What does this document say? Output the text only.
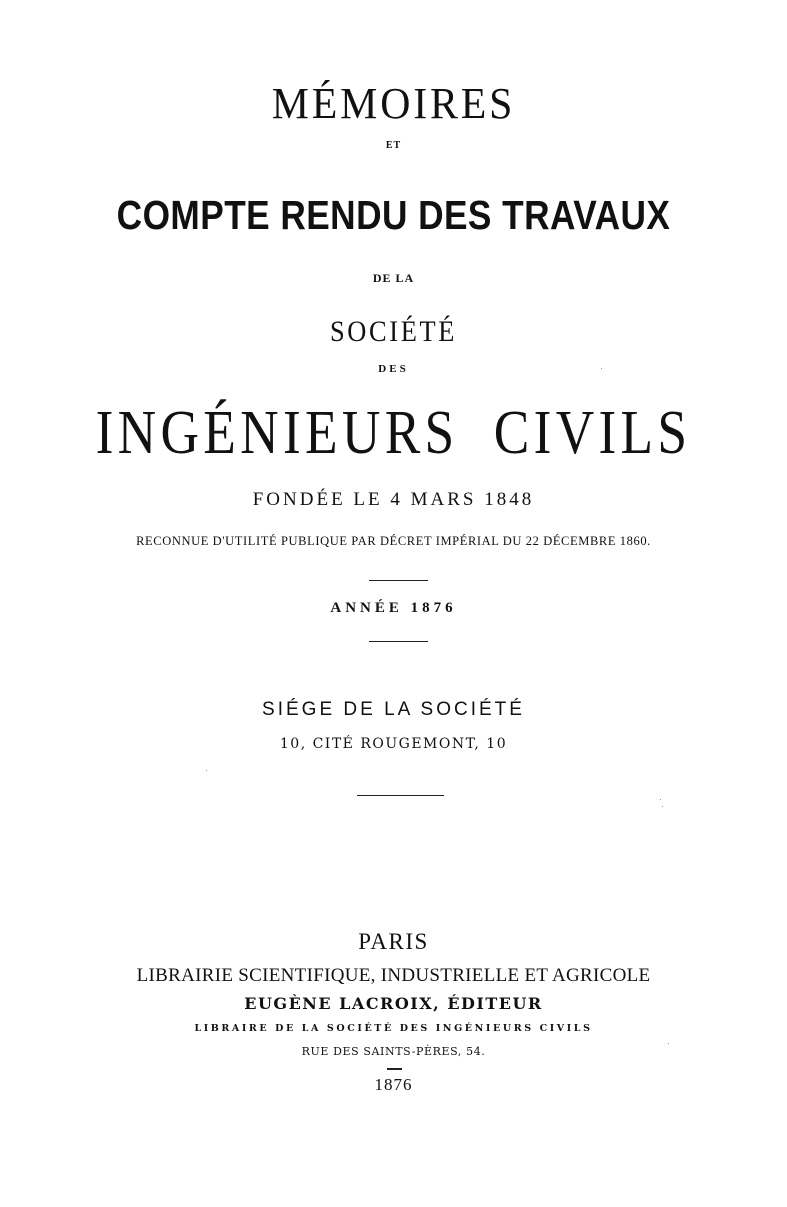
MÉMOIRES
ET
COMPTE RENDU DES TRAVAUX
DE LA
SOCIÉTÉ
DES
INGÉNIEURS  CIVILS
FONDÉE LE 4 MARS 1848
RECONNUE D'UTILITÉ PUBLIQUE PAR DÉCRET IMPÉRIAL DU 22 DÉCEMBRE 1860.
ANNÉE 1876
SIÉGE DE LA SOCIÉTÉ
10, CITÉ ROUGEMONT, 10
PARIS
LIBRAIRIE SCIENTIFIQUE, INDUSTRIELLE ET AGRICOLE
EUGÈNE LACROIX, ÉDITEUR
LIBRAIRE DE LA SOCIÉTÉ DES INGÉNIEURS CIVILS
RUE DES SAINTS-PÈRES, 54.
1876
